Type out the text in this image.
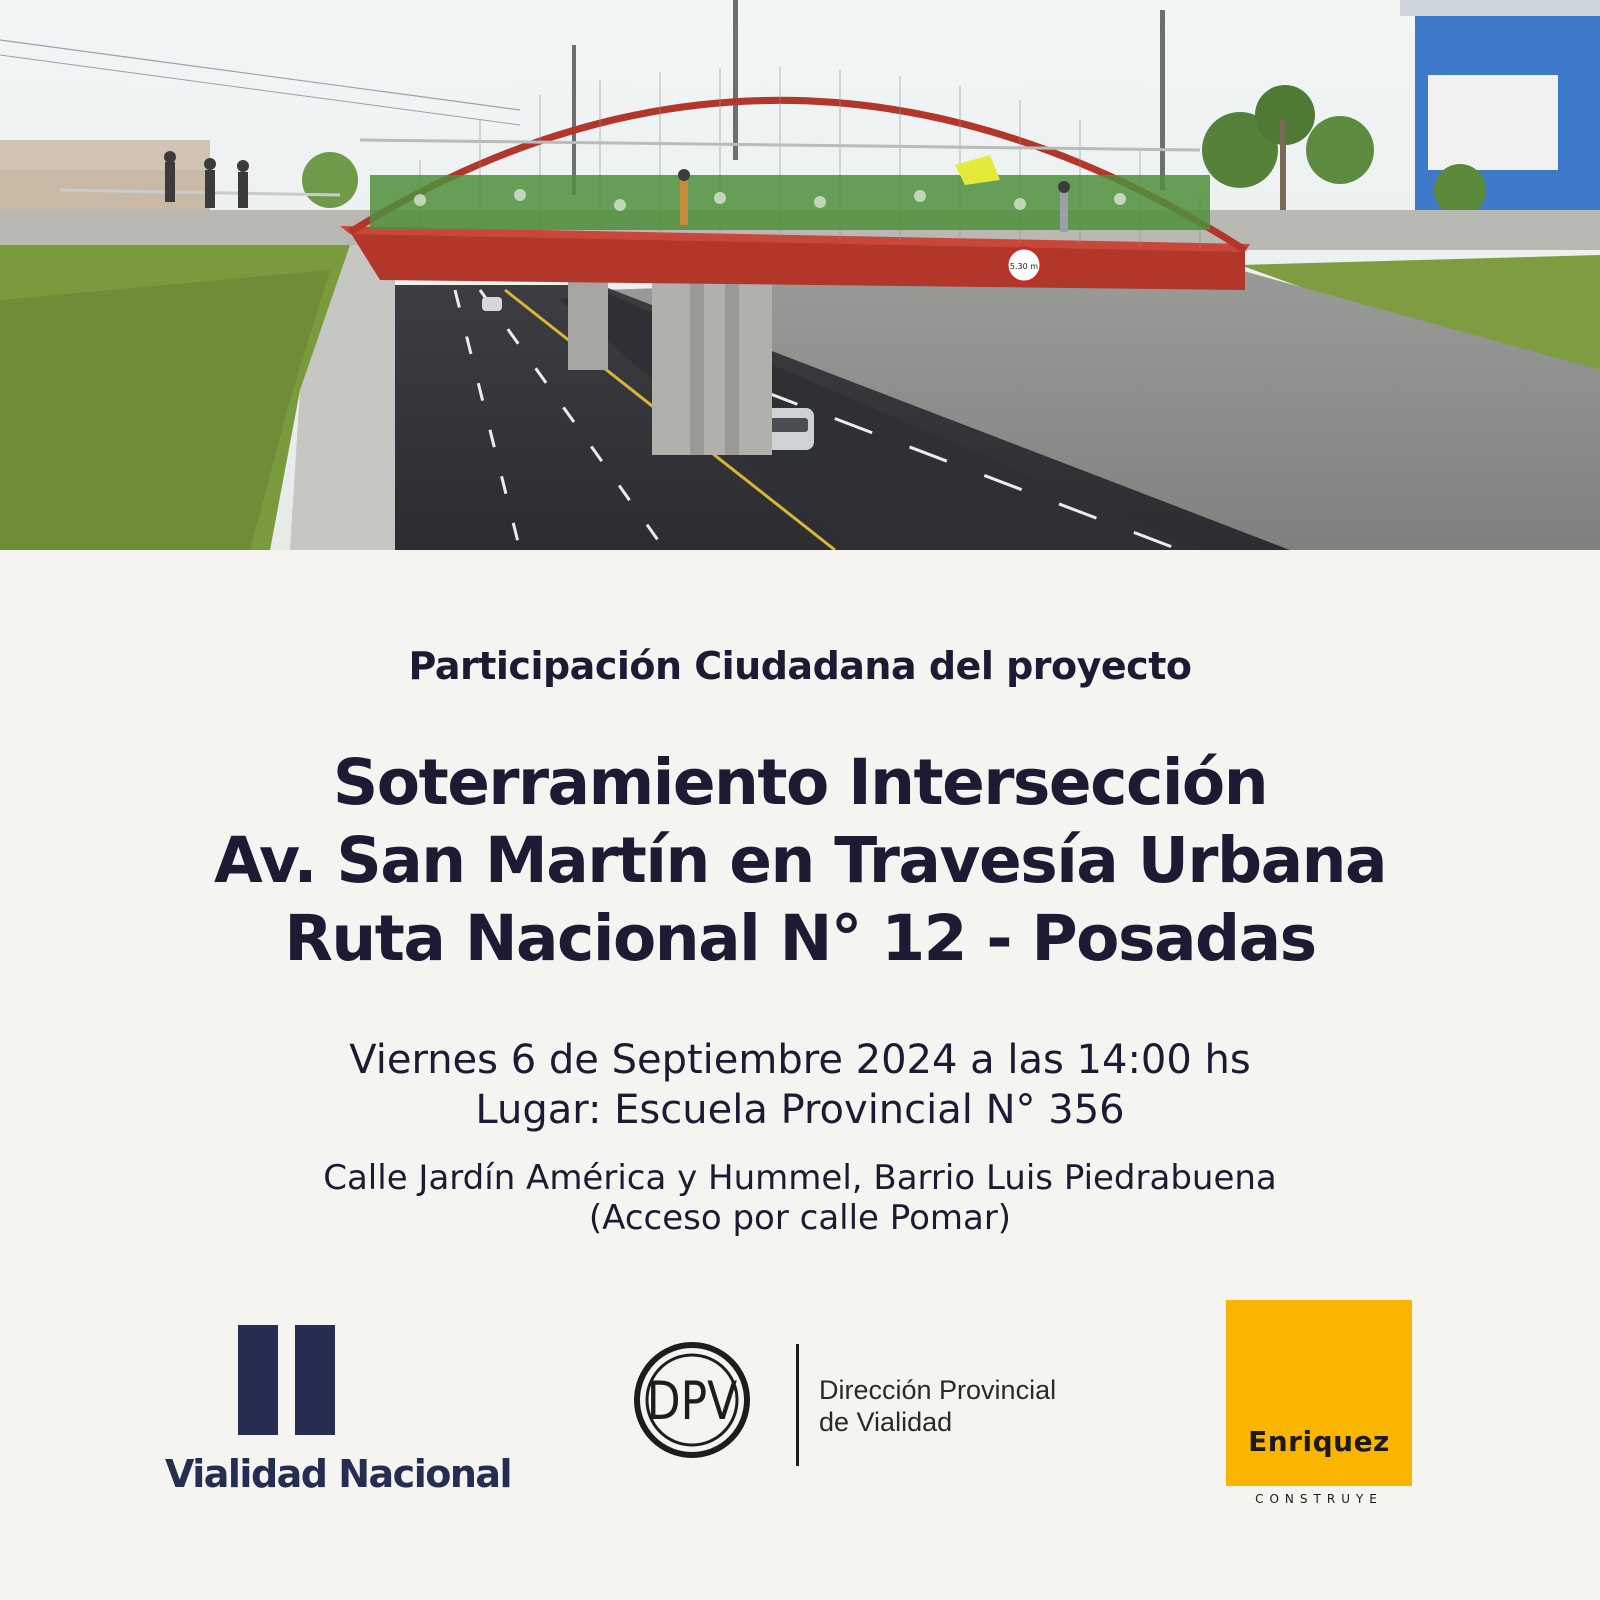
5.30 m
Participación Ciudadana del proyecto
Soterramiento Intersección
Av. San Martín en Travesía Urbana
Ruta Nacional N° 12 - Posadas
Viernes 6 de Septiembre 2024 a las 14:00 hs
Lugar: Escuela Provincial N° 356
Calle Jardín América y Hummel, Barrio Luis Piedrabuena
(Acceso por calle Pomar)
Vialidad Nacional
DPV	Dirección Provincial
de Vialidad
Enriquez
CONSTRUYE
